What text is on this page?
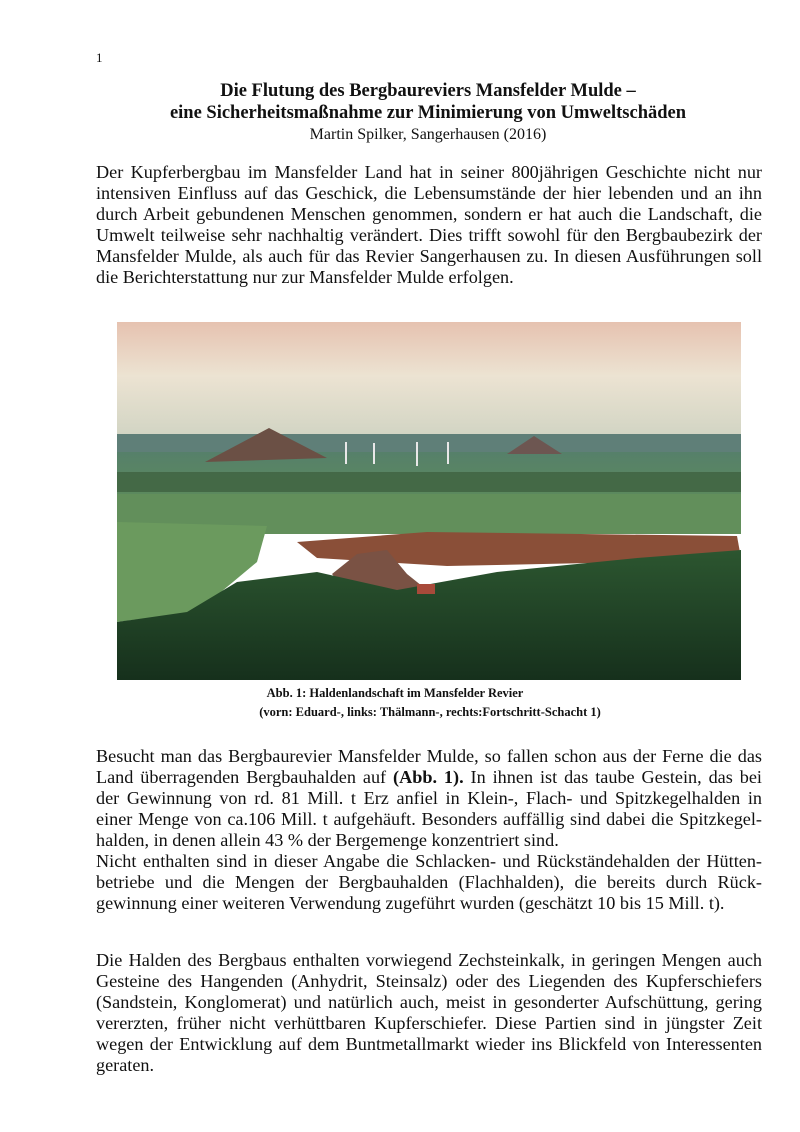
1
Die Flutung des Bergbaureviers Mansfelder Mulde –
eine Sicherheitsmaßnahme zur Minimierung von Umweltschäden
Martin Spilker, Sangerhausen (2016)
Der Kupferbergbau im Mansfelder Land hat in seiner 800jährigen Geschichte nicht nur
intensiven Einfluss auf das Geschick, die Lebensumstände der hier lebenden und an ihn
durch Arbeit gebundenen Menschen genommen, sondern er hat auch die Landschaft, die
Umwelt teilweise sehr nachhaltig verändert. Dies trifft sowohl für den Bergbaubezirk der
Mansfelder Mulde, als auch für das Revier Sangerhausen zu. In diesen Ausführungen soll
die Berichterstattung nur zur Mansfelder Mulde erfolgen.
Abb. 1: Haldenlandschaft im Mansfelder Revier
(vorn: Eduard-, links: Thälmann-, rechts:Fortschritt-Schacht 1)
Besucht man das Bergbaurevier Mansfelder Mulde, so fallen schon aus der Ferne die das
Land überragenden Bergbauhalden auf (Abb. 1). In ihnen ist das taube Gestein, das bei
der Gewinnung von rd. 81 Mill. t Erz anfiel in Klein-, Flach- und Spitzkegelhalden in
einer Menge von ca.106 Mill. t aufgehäuft. Besonders auffällig sind dabei die Spitzkegel-
halden, in denen allein 43 % der Bergemenge konzentriert sind.
Nicht enthalten sind in dieser Angabe die Schlacken- und Rückständehalden der Hütten-
betriebe und die Mengen der Bergbauhalden (Flachhalden), die bereits durch Rück-
gewinnung einer weiteren Verwendung zugeführt wurden (geschätzt 10 bis 15 Mill. t).
Die Halden des Bergbaus enthalten vorwiegend Zechsteinkalk, in geringen Mengen auch
Gesteine des Hangenden (Anhydrit, Steinsalz) oder des Liegenden des Kupferschiefers
(Sandstein, Konglomerat) und natürlich auch, meist in gesonderter Aufschüttung, gering
vererzten, früher nicht verhüttbaren Kupferschiefer. Diese Partien sind in jüngster Zeit
wegen der Entwicklung auf dem Buntmetallmarkt wieder ins Blickfeld von Interessenten
geraten.
